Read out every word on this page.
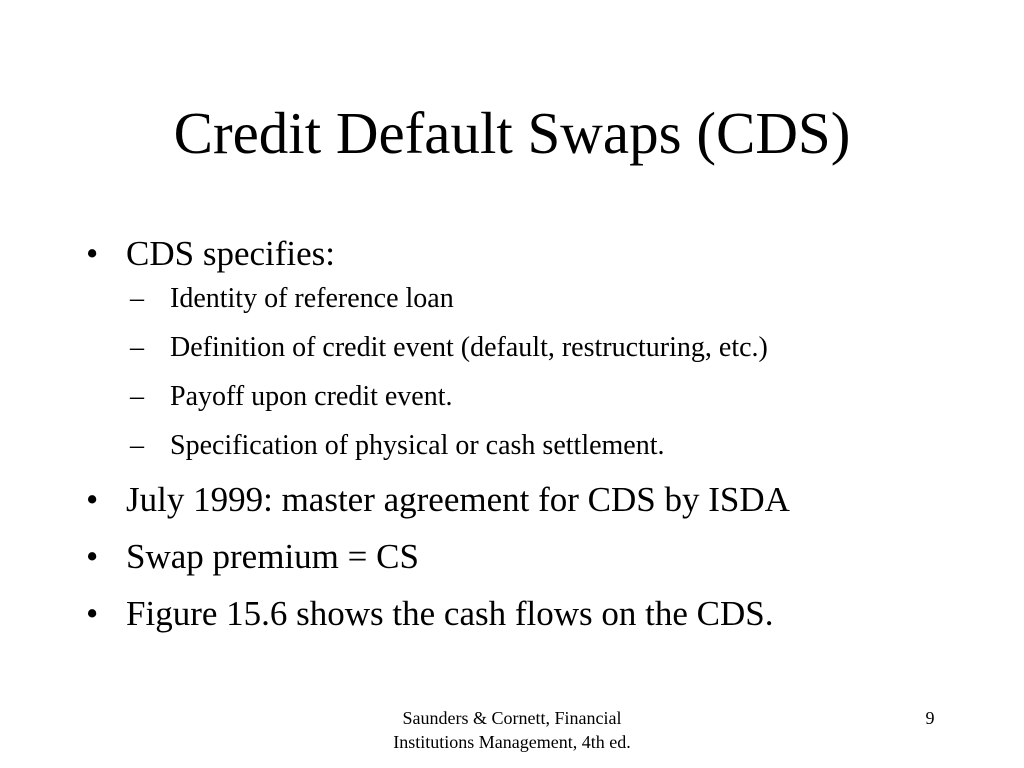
Credit Default Swaps (CDS)
• CDS specifies:
– Identity of reference loan
– Definition of credit event (default, restructuring, etc.)
– Payoff upon credit event.
– Specification of physical or cash settlement.
• July 1999: master agreement for CDS by ISDA
• Swap premium = CS
• Figure 15.6 shows the cash flows on the CDS.
Saunders & Cornett, Financial
Institutions Management, 4th ed.
9
